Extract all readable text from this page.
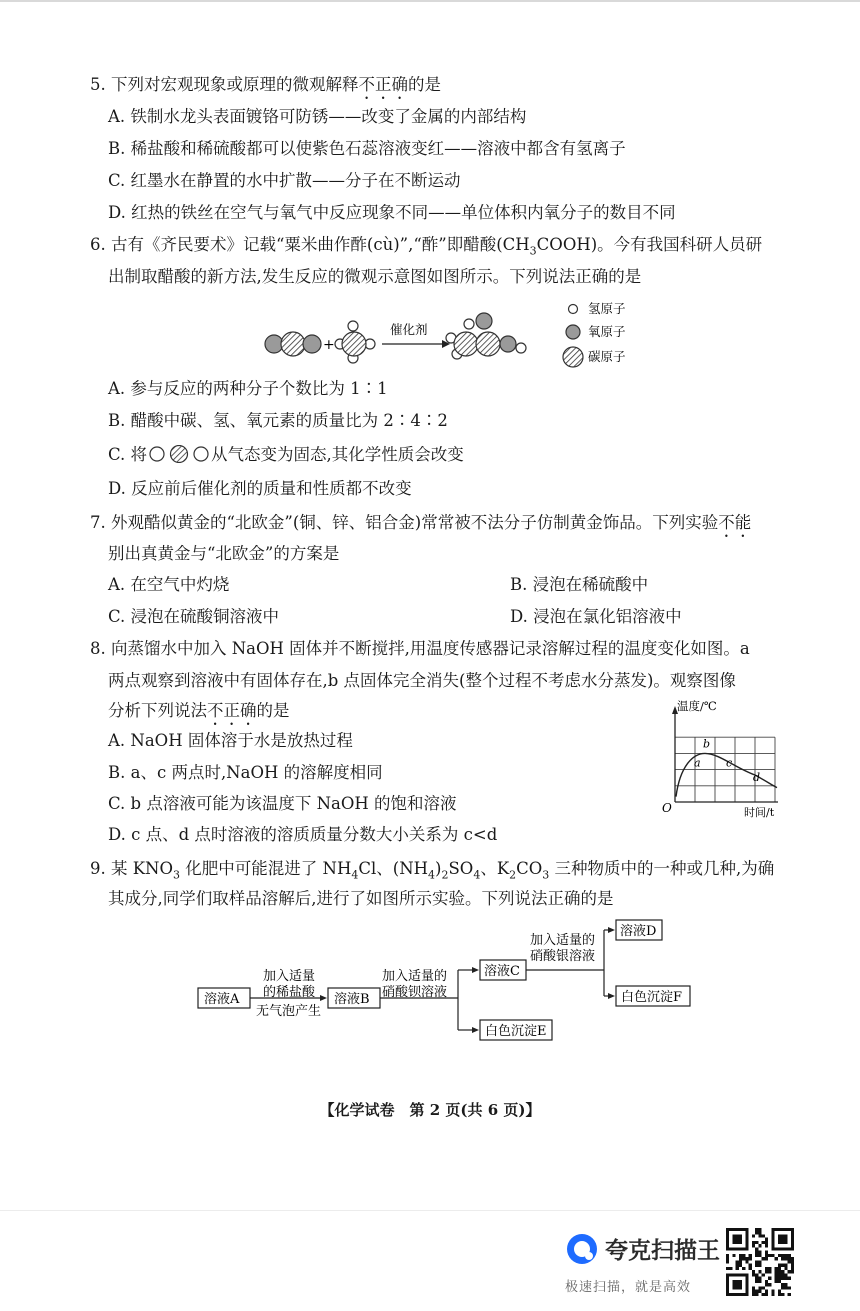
5. 下列对宏观现象或原理的微观解释不正确的是
A. 铁制水龙头表面镀铬可防锈——改变了金属的内部结构
B. 稀盐酸和稀硫酸都可以使紫色石蕊溶液变红——溶液中都含有氢离子
C. 红墨水在静置的水中扩散——分子在不断运动
D. 红热的铁丝在空气与氧气中反应现象不同——单位体积内氧分子的数目不同
6. 古有《齐民要术》记载“粟米曲作酢(cù)”,“酢”即醋酸$(CH_3COOH)$。今有我国科研人员研
出制取醋酸的新方法,发生反应的微观示意图如图所示。下列说法正确的是
+
催化剂
氢原子
氧原子
碳原子
A. 参与反应的两种分子个数比为 1∶1
B. 醋酸中碳、氢、氧元素的质量比为 2∶4∶2
C. 将	从气态变为固态,其化学性质会改变
D. 反应前后催化剂的质量和性质都不改变
7. 外观酷似黄金的“北欧金”(铜、锌、铝合金)常常被不法分子仿制黄金饰品。下列实验不能
别出真黄金与“北欧金”的方案是
A. 在空气中灼烧	B. 浸泡在稀硫酸中
C. 浸泡在硫酸铜溶液中	D. 浸泡在氯化铝溶液中
8. 向蒸馏水中加入 NaOH 固体并不断搅拌,用温度传感器记录溶解过程的温度变化如图。a
两点观察到溶液中有固体存在,b 点固体完全消失(整个过程不考虑水分蒸发)。观察图像
分析下列说法不正确的是
A. NaOH 固体溶于水是放热过程
B. a、c 两点时,NaOH 的溶解度相同
C. b 点溶液可能为该温度下 NaOH 的饱和溶液
D. c 点、d 点时溶液的溶质质量分数大小关系为 c<d
温度/℃
O	时间/t
a
b
c
d
9. 某 $KNO_3$ 化肥中可能混进了 $NH_4Cl$、$(NH_4)_2SO_4$、$K_2CO_3$ 三种物质中的一种或几种,为确
其成分,同学们取样品溶解后,进行了如图所示实验。下列说法正确的是
溶液A
加入适量
的稀盐酸
无气泡产生
溶液B
加入适量的
硝酸钡溶液
溶液C
白色沉淀E
加入适量的
硝酸银溶液
溶液D
白色沉淀F
【化学试卷　第 2 页(共 6 页)】
夸克扫描王
极速扫描，就是高效
